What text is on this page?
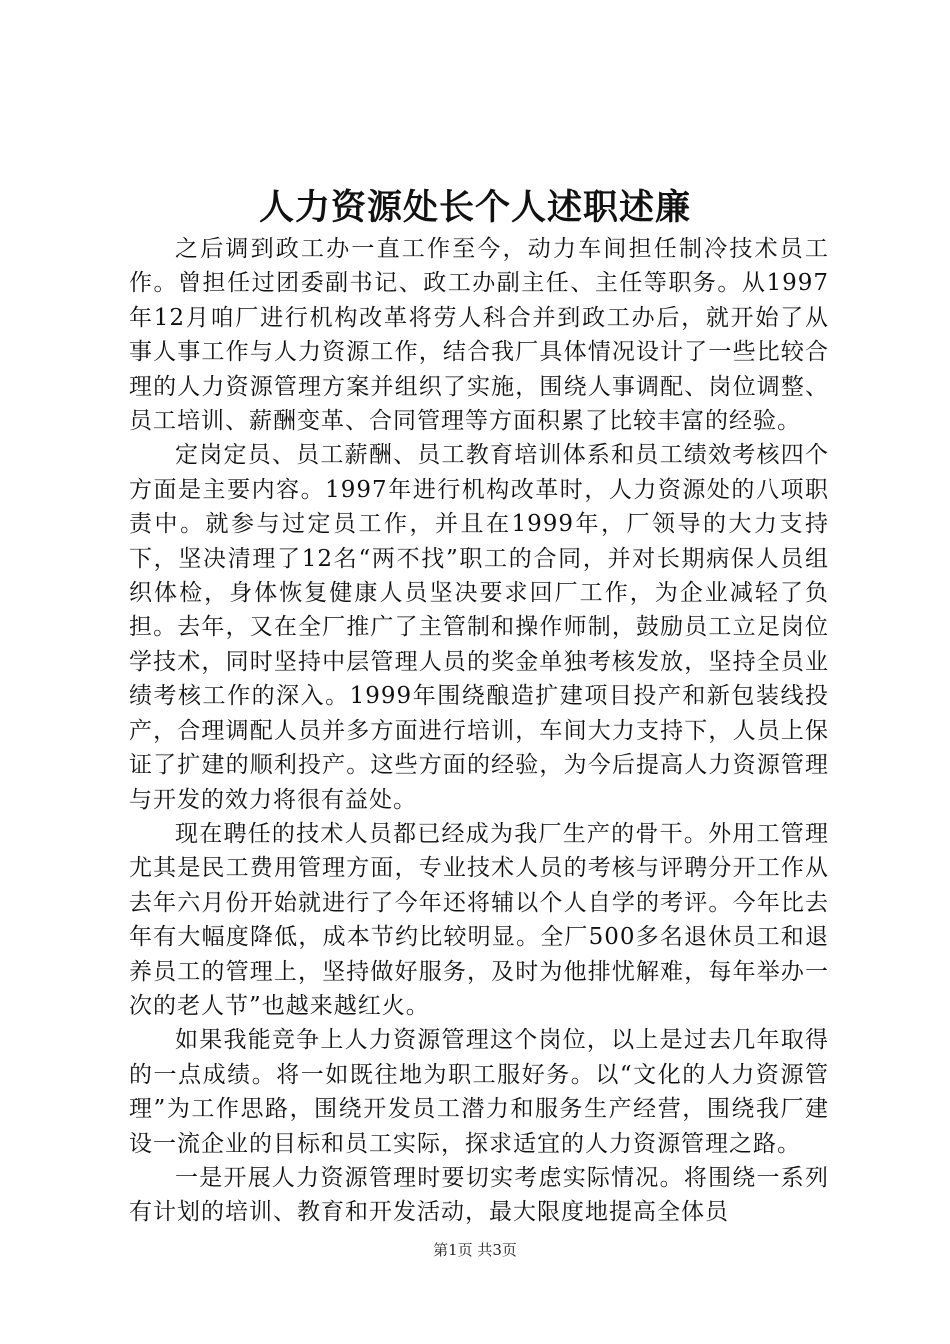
人力资源处长个人述职述廉

之后调到政工办一直工作至今，动力车间担任制冷技术员工作。曾担任过团委副书记、政工办副主任、主任等职务。从1997年12月咱厂进行机构改革将劳人科合并到政工办后，就开始了从事人事工作与人力资源工作，结合我厂具体情况设计了一些比较合理的人力资源管理方案并组织了实施，围绕人事调配、岗位调整、员工培训、薪酬变革、合同管理等方面积累了比较丰富的经验。

定岗定员、员工薪酬、员工教育培训体系和员工绩效考核四个方面是主要内容。1997年进行机构改革时，人力资源处的八项职责中。就参与过定员工作，并且在1999年，厂领导的大力支持下，坚决清理了12名“两不找”职工的合同，并对长期病保人员组织体检，身体恢复健康人员坚决要求回厂工作，为企业减轻了负担。去年，又在全厂推广了主管制和操作师制，鼓励员工立足岗位学技术，同时坚持中层管理人员的奖金单独考核发放，坚持全员业绩考核工作的深入。1999年围绕酿造扩建项目投产和新包装线投产，合理调配人员并多方面进行培训，车间大力支持下，人员上保证了扩建的顺利投产。这些方面的经验，为今后提高人力资源管理与开发的效力将很有益处。

现在聘任的技术人员都已经成为我厂生产的骨干。外用工管理尤其是民工费用管理方面，专业技术人员的考核与评聘分开工作从去年六月份开始就进行了今年还将辅以个人自学的考评。今年比去年有大幅度降低，成本节约比较明显。全厂500多名退休员工和退养员工的管理上，坚持做好服务，及时为他排忧解难，每年举办一次的老人节”也越来越红火。

如果我能竞争上人力资源管理这个岗位，以上是过去几年取得的一点成绩。将一如既往地为职工服好务。以“文化的人力资源管理”为工作思路，围绕开发员工潜力和服务生产经营，围绕我厂建设一流企业的目标和员工实际，探求适宜的人力资源管理之路。

一是开展人力资源管理时要切实考虑实际情况。将围绕一系列有计划的培训、教育和开发活动，最大限度地提高全体员

第1页 共3页
